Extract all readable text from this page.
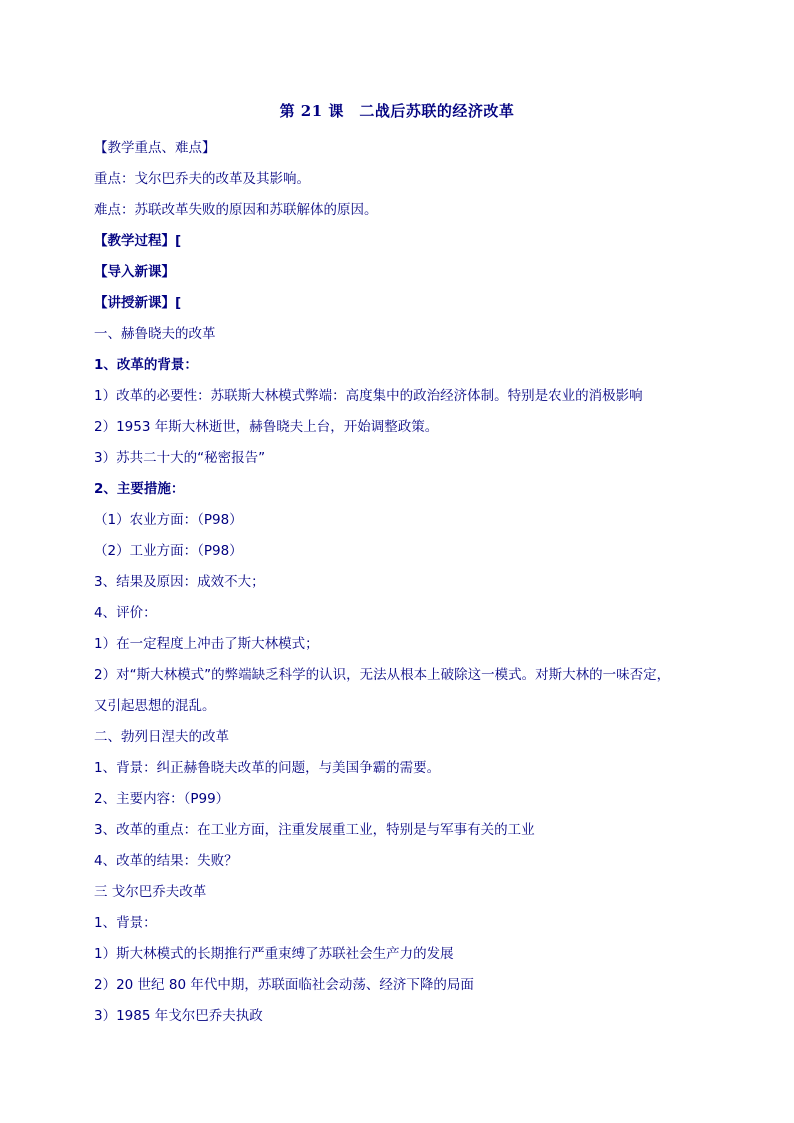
第 21 课　二战后苏联的经济改革

【教学重点、难点】

重点：戈尔巴乔夫的改革及其影响。

难点：苏联改革失败的原因和苏联解体的原因。

【教学过程】[

【导入新课】

【讲授新课】[

一、赫鲁晓夫的改革

1、改革的背景：

1）改革的必要性：苏联斯大林模式弊端：高度集中的政治经济体制。特别是农业的消极影响

2）1953 年斯大林逝世，赫鲁晓夫上台，开始调整政策。

3）苏共二十大的“秘密报告”

2、主要措施：

（1）农业方面：（P98）

（2）工业方面：（P98）

3、结果及原因：成效不大；

4、评价：

1）在一定程度上冲击了斯大林模式；

2）对“斯大林模式”的弊端缺乏科学的认识，无法从根本上破除这一模式。对斯大林的一味否定，

又引起思想的混乱。

二、勃列日涅夫的改革

1、背景：纠正赫鲁晓夫改革的问题，与美国争霸的需要。

2、主要内容：（P99）

3、改革的重点：在工业方面，注重发展重工业，特别是与军事有关的工业

4、改革的结果：失败？

三 戈尔巴乔夫改革

1、背景：

1）斯大林模式的长期推行严重束缚了苏联社会生产力的发展

2）20 世纪 80 年代中期，苏联面临社会动荡、经济下降的局面

3）1985 年戈尔巴乔夫执政
